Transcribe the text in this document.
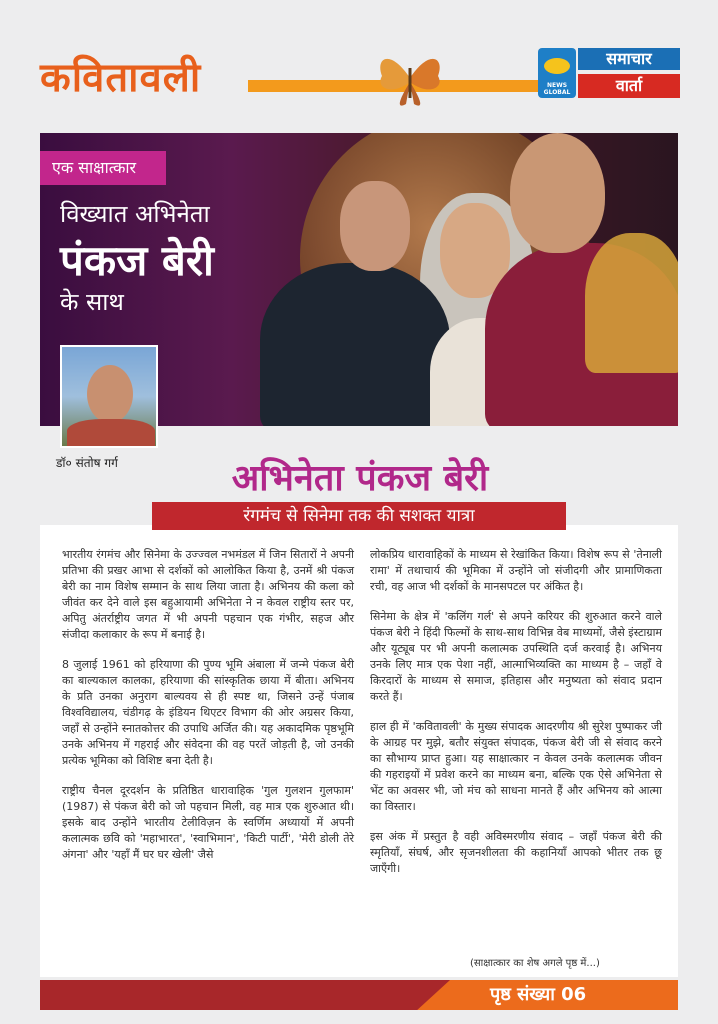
कवितावली	NEWS GLOBAL
समाचार
वार्ता
एक साक्षात्कार
विख्यात अभिनेता
पंकज बेरी
के साथ
डॉ० संतोष गर्ग	अभिनेता पंकज बेरी
रंगमंच से सिनेमा तक की सशक्त यात्रा

भारतीय रंगमंच और सिनेमा के उज्ज्वल नभमंडल में जिन सितारों ने अपनी प्रतिभा की प्रखर आभा से दर्शकों को आलोकित किया है, उनमें श्री पंकज बेरी का नाम विशेष सम्मान के साथ लिया जाता है। अभिनय की कला को जीवंत कर देने वाले इस बहुआयामी अभिनेता ने न केवल राष्ट्रीय स्तर पर, अपितु अंतर्राष्ट्रीय जगत में भी अपनी पहचान एक गंभीर, सहज और संजीदा कलाकार के रूप में बनाई है।

8 जुलाई 1961 को हरियाणा की पुण्य भूमि अंबाला में जन्मे पंकज बेरी का बाल्यकाल कालका, हरियाणा की सांस्कृतिक छाया में बीता। अभिनय के प्रति उनका अनुराग बाल्यवय से ही स्पष्ट था, जिसने उन्हें पंजाब विश्वविद्यालय, चंडीगढ़ के इंडियन थिएटर विभाग की ओर अग्रसर किया, जहाँ से उन्होंने स्नातकोत्तर की उपाधि अर्जित की। यह अकादमिक पृष्ठभूमि उनके अभिनय में गहराई और संवेदना की वह परतें जोड़ती है, जो उनकी प्रत्येक भूमिका को विशिष्ट बना देती है।

राष्ट्रीय चैनल दूरदर्शन के प्रतिष्ठित धारावाहिक 'गुल गुलशन गुलफाम' (1987) से पंकज बेरी को जो पहचान मिली, वह मात्र एक शुरुआत थी। इसके बाद उन्होंने भारतीय टेलीविज़न के स्वर्णिम अध्यायों में अपनी कलात्मक छवि को 'महाभारत', 'स्वाभिमान', 'किटी पार्टी', 'मेरी डोली तेरे अंगना' और 'यहाँ मैं घर घर खेली' जैसे

लोकप्रिय धारावाहिकों के माध्यम से रेखांकित किया। विशेष रूप से 'तेनाली रामा' में तथाचार्य की भूमिका में उन्होंने जो संजीदगी और प्रामाणिकता रची, वह आज भी दर्शकों के मानसपटल पर अंकित है।

सिनेमा के क्षेत्र में 'कलिंग गर्ल' से अपने करियर की शुरुआत करने वाले पंकज बेरी ने हिंदी फिल्मों के साथ-साथ विभिन्न वेब माध्यमों, जैसे इंस्टाग्राम और यूट्यूब पर भी अपनी कलात्मक उपस्थिति दर्ज करवाई है। अभिनय उनके लिए मात्र एक पेशा नहीं, आत्माभिव्यक्ति का माध्यम है – जहाँ वे किरदारों के माध्यम से समाज, इतिहास और मनुष्यता को संवाद प्रदान करते हैं।

हाल ही में 'कविताव‌ली' के मुख्य संपादक आदरणीय श्री सुरेश पुष्पाकर जी के आग्रह पर मुझे, बतौर संयुक्त संपादक, पंकज बेरी जी से संवाद करने का सौभाग्य प्राप्त हुआ। यह साक्षात्कार न केवल उनके कलात्मक जीवन की गहराइयों में प्रवेश करने का माध्यम बना, बल्कि एक ऐसे अभिनेता से भेंट का अवसर भी, जो मंच को साधना मानते हैं और अभिनय को आत्मा का विस्तार।

इस अंक में प्रस्तुत है वही अविस्मरणीय संवाद – जहाँ पंकज बेरी की स्मृतियाँ, संघर्ष, और सृजनशीलता की कहानियाँ आपको भीतर तक छू जाएँगी।

(साक्षात्कार का शेष अगले पृष्ठ में...)
पृष्ठ संख्या 06
